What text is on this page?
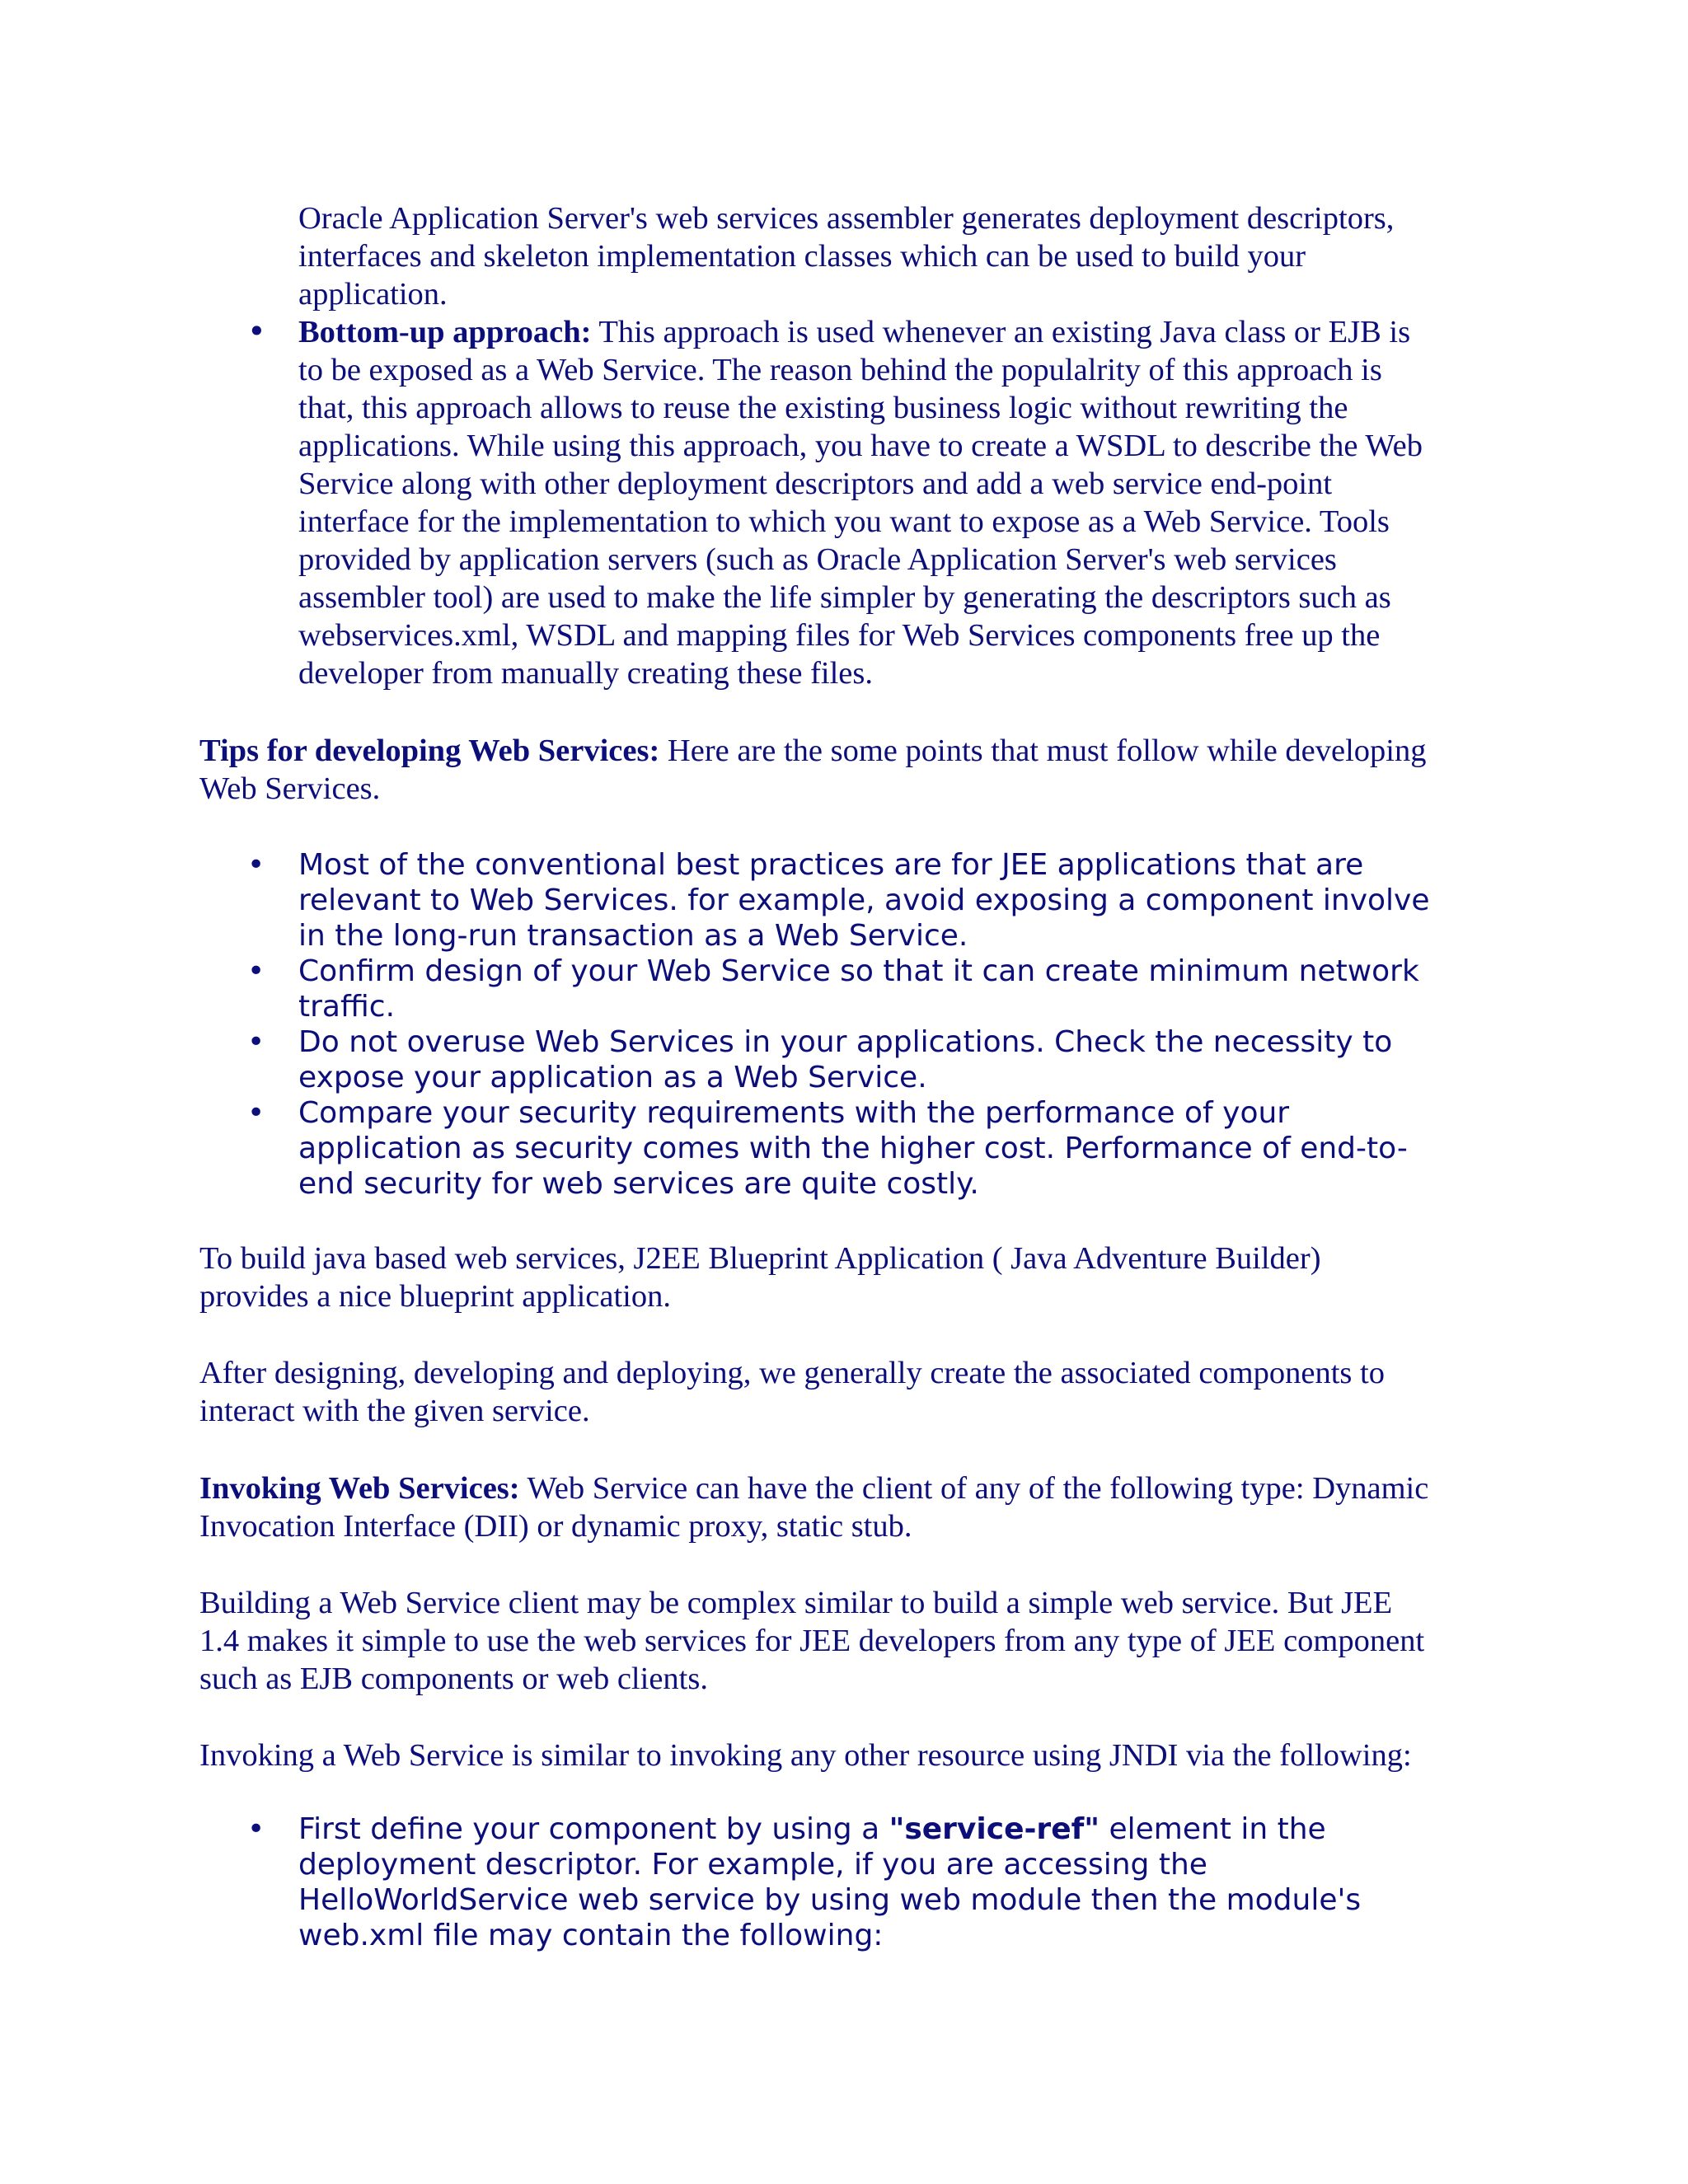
Oracle Application Server's web services assembler generates deployment descriptors,
interfaces and skeleton implementation classes which can be used to build your
application.
• Bottom-up approach: This approach is used whenever an existing Java class or EJB is
to be exposed as a Web Service. The reason behind the populalrity of this approach is
that, this approach allows to reuse the existing business logic without rewriting the
applications. While using this approach, you have to create a WSDL to describe the Web
Service along with other deployment descriptors and add a web service end-point
interface for the implementation to which you want to expose as a Web Service. Tools
provided by application servers (such as Oracle Application Server's web services
assembler tool) are used to make the life simpler by generating the descriptors such as
webservices.xml, WSDL and mapping files for Web Services components free up the
developer from manually creating these files.
Tips for developing Web Services: Here are the some points that must follow while developing
Web Services.
• Most of the conventional best practices are for JEE applications that are
relevant to Web Services. for example, avoid exposing a component involve
in the long-run transaction as a Web Service.
• Confirm design of your Web Service so that it can create minimum network
traffic.
• Do not overuse Web Services in your applications. Check the necessity to
expose your application as a Web Service.
• Compare your security requirements with the performance of your
application as security comes with the higher cost. Performance of end-to-
end security for web services are quite costly.
To build java based web services, J2EE Blueprint Application ( Java Adventure Builder)
provides a nice blueprint application.
After designing, developing and deploying, we generally create the associated components to
interact with the given service.
Invoking Web Services: Web Service can have the client of any of the following type: Dynamic
Invocation Interface (DII) or dynamic proxy, static stub.
Building a Web Service client may be complex similar to build a simple web service. But JEE
1.4 makes it simple to use the web services for JEE developers from any type of JEE component
such as EJB components or web clients.
Invoking a Web Service is similar to invoking any other resource using JNDI via the following:
• First define your component by using a "service-ref" element in the
deployment descriptor. For example, if you are accessing the
HelloWorldService web service by using web module then the module's
web.xml file may contain the following:
